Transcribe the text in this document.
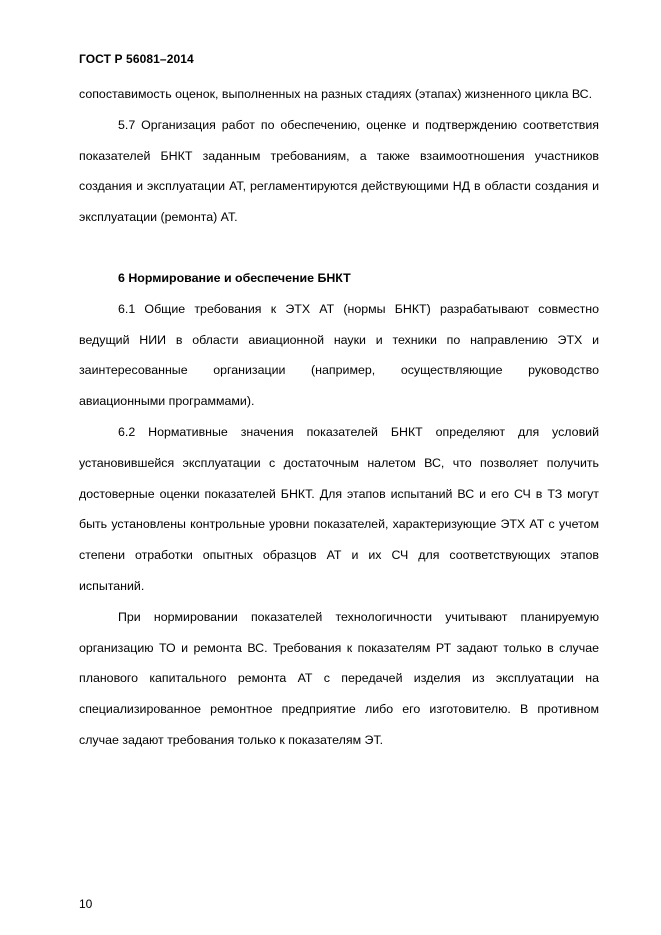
ГОСТ Р 56081–2014

сопоставимость оценок, выполненных на разных стадиях (этапах) жизненного цикла ВС.

5.7 Организация работ по обеспечению, оценке и подтверждению соответствия показателей БНКТ заданным требованиям, а также взаимоотношения участников создания и эксплуатации АТ, регламентируются действующими НД в области создания и эксплуатации (ремонта) АТ.

6 Нормирование и обеспечение БНКТ

6.1 Общие требования к ЭТХ АТ (нормы БНКТ) разрабатывают совместно ведущий НИИ в области авиационной науки и техники по направлению ЭТХ и заинтересованные организации (например, осуществляющие руководство авиационными программами).

6.2 Нормативные значения показателей БНКТ определяют для условий установившейся эксплуатации с достаточным налетом ВС, что позволяет получить достоверные оценки показателей БНКТ. Для этапов испытаний ВС и его СЧ в ТЗ могут быть установлены контрольные уровни показателей, характеризующие ЭТХ АТ с учетом степени отработки опытных образцов АТ и их СЧ для соответствующих этапов испытаний.

При нормировании показателей технологичности учитывают планируемую организацию ТО и ремонта ВС. Требования к показателям РТ задают только в случае планового капитального ремонта АТ с передачей изделия из эксплуатации на специализированное ремонтное предприятие либо его изготовителю. В противном случае задают требования только к показателям ЭТ.

10
